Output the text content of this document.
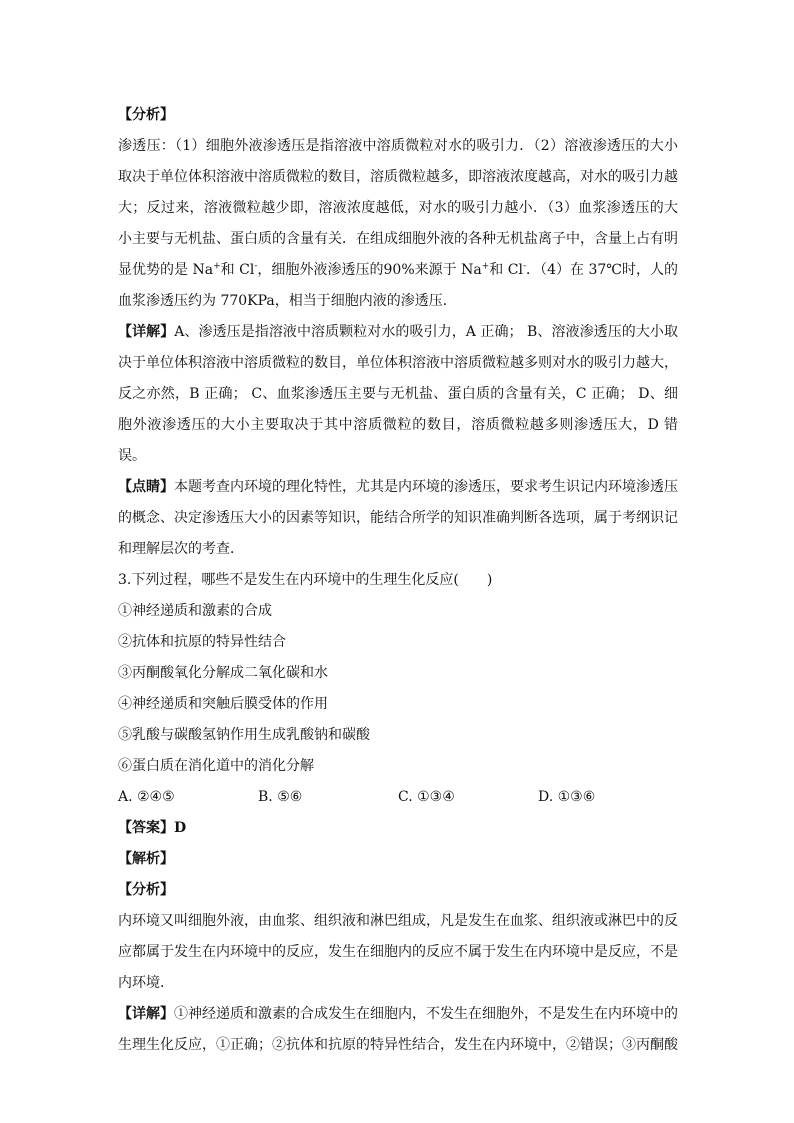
【分析】

渗透压：（1）细胞外液渗透压是指溶液中溶质微粒对水的吸引力．（2）溶液渗透压的大小取决于单位体积溶液中溶质微粒的数目，溶质微粒越多，即溶液浓度越高，对水的吸引力越大；反过来，溶液微粒越少即，溶液浓度越低，对水的吸引力越小．（3）血浆渗透压的大小主要与无机盐、蛋白质的含量有关．在组成细胞外液的各种无机盐离子中，含量上占有明显优势的是 Na+和 Cl-，细胞外液渗透压的90%来源于 Na+和 Cl-．（4）在 37℃时，人的血浆渗透压约为 770KPa，相当于细胞内液的渗透压．

【详解】A、渗透压是指溶液中溶质颗粒对水的吸引力，A 正确； B、溶液渗透压的大小取决于单位体积溶液中溶质微粒的数目，单位体积溶液中溶质微粒越多则对水的吸引力越大，反之亦然，B 正确； C、血浆渗透压主要与无机盐、蛋白质的含量有关，C 正确； D、细胞外液渗透压的大小主要取决于其中溶质微粒的数目，溶质微粒越多则渗透压大，D 错误。

【点睛】本题考查内环境的理化特性，尤其是内环境的渗透压，要求考生识记内环境渗透压的概念、决定渗透压大小的因素等知识，能结合所学的知识准确判断各选项，属于考纲识记和理解层次的考查．

3.下列过程，哪些不是发生在内环境中的生理生化反应(　　)

①神经递质和激素的合成

②抗体和抗原的特异性结合

③丙酮酸氧化分解成二氧化碳和水

④神经递质和突触后膜受体的作用

⑤乳酸与碳酸氢钠作用生成乳酸钠和碳酸

⑥蛋白质在消化道中的消化分解

A. ②④⑤	B. ⑤⑥	C. ①③④	D. ①③⑥

【答案】D

【解析】

【分析】

内环境又叫细胞外液，由血浆、组织液和淋巴组成，凡是发生在血浆、组织液或淋巴中的反应都属于发生在内环境中的反应，发生在细胞内的反应不属于发生在内环境中是反应，不是内环境．

【详解】①神经递质和激素的合成发生在细胞内，不发生在细胞外，不是发生在内环境中的生理生化反应，①正确；②抗体和抗原的特异性结合，发生在内环境中，②错误；③丙酮酸
